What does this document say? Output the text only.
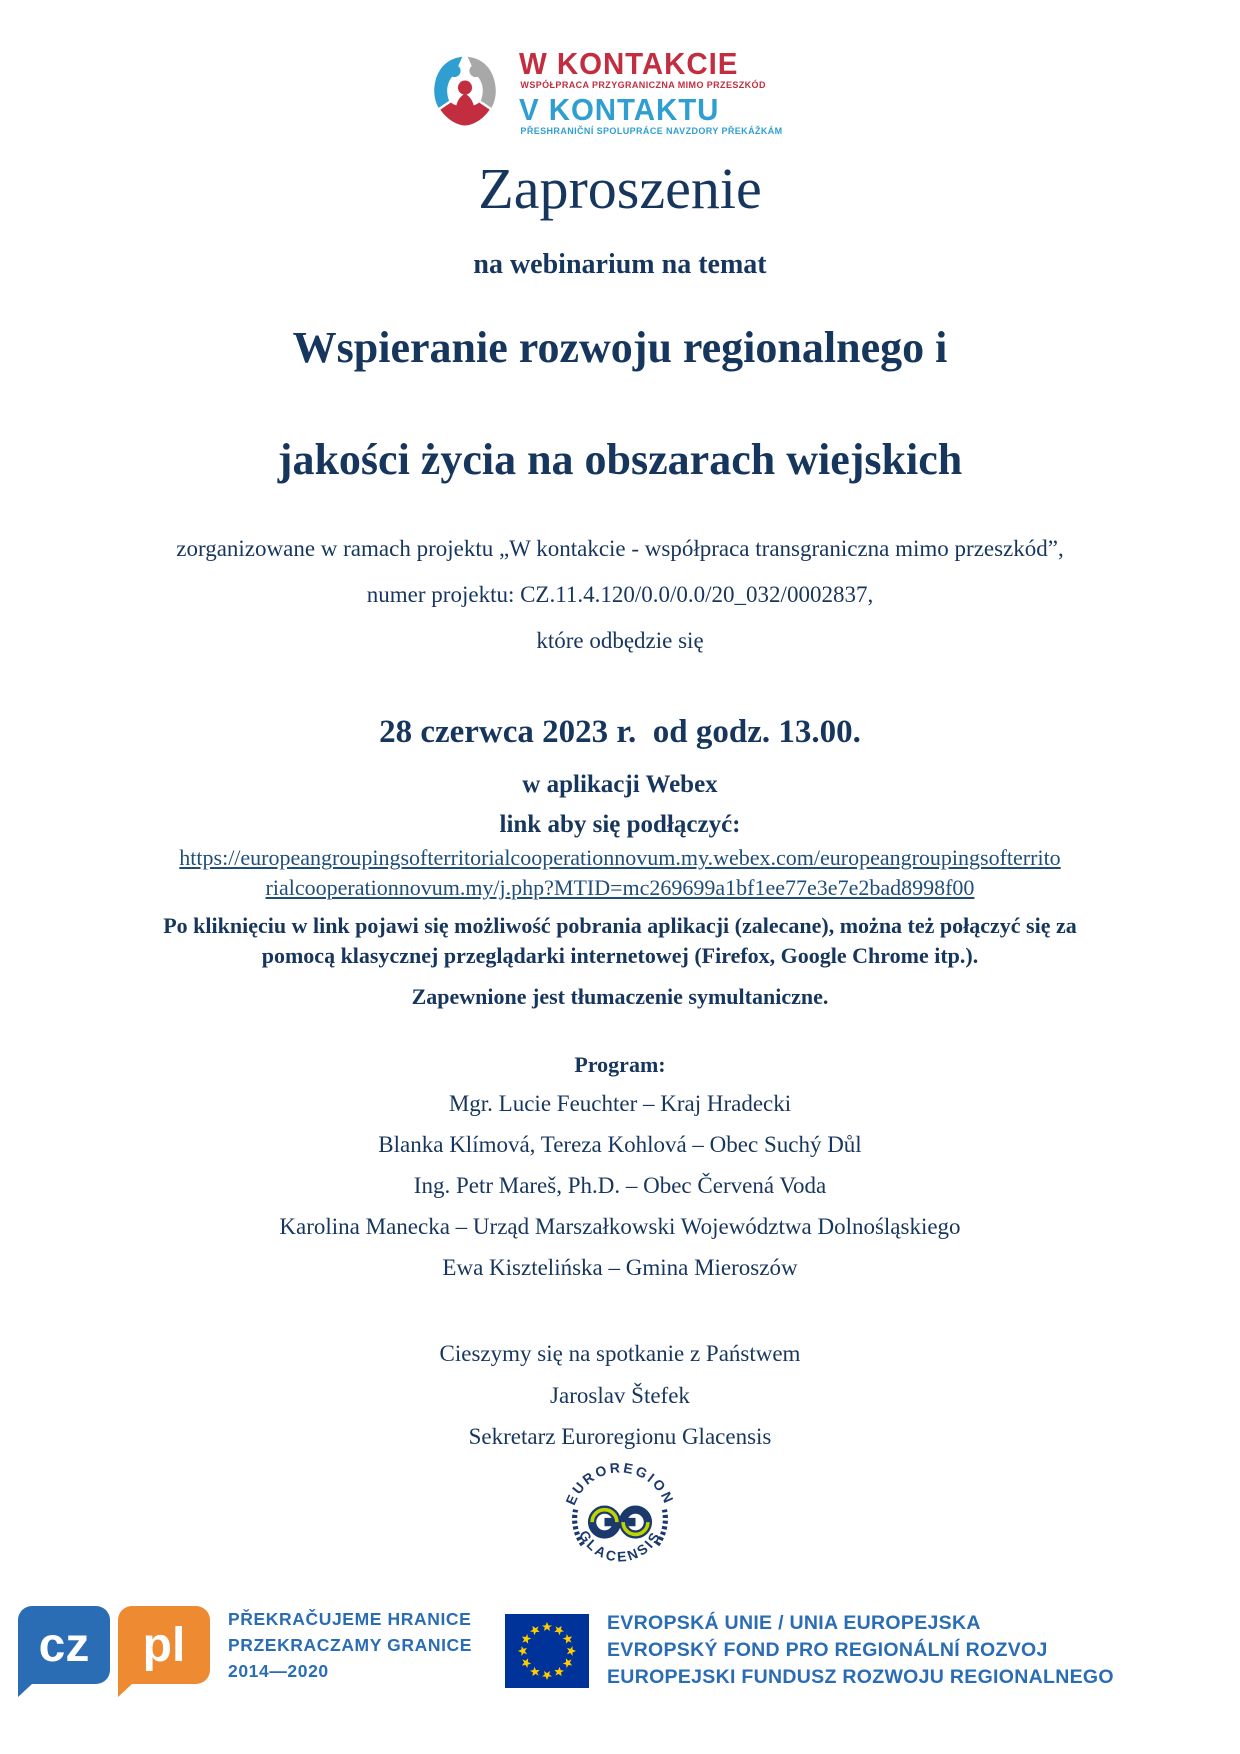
W KONTAKCIE
WSPÓŁPRACA PRZYGRANICZNA MIMO PRZESZKÓD
V KONTAKTU
PŘESHRANIČNÍ SPOLUPRÁCE NAVZDORY PŘEKÁŽKÁM
Zaproszenie
na webinarium na temat
Wspieranie rozwoju regionalnego i
jakości życia na obszarach wiejskich
zorganizowane w ramach projektu „W kontakcie - współpraca transgraniczna mimo przeszkód”,
numer projektu: CZ.11.4.120/0.0/0.0/20_032/0002837,
które odbędzie się
28 czerwca 2023 r.  od godz. 13.00.
w aplikacji Webex
link aby się podłączyć:
https://europeangroupingsofterritorialcooperationnovum.my.webex.com/europeangroupingsofterrito
rialcooperationnovum.my/j.php?MTID=mc269699a1bf1ee77e3e7e2bad8998f00
Po kliknięciu w link pojawi się możliwość pobrania aplikacji (zalecane), można też połączyć się za
pomocą klasycznej przeglądarki internetowej (Firefox, Google Chrome itp.).
Zapewnione jest tłumaczenie symultaniczne.
Program:
Mgr. Lucie Feuchter – Kraj Hradecki
Blanka Klímová, Tereza Kohlová – Obec Suchý Důl
Ing. Petr Mareš, Ph.D. – Obec Červená Voda
Karolina Manecka – Urząd Marszałkowski Województwa Dolnośląskiego
Ewa Kisztelińska – Gmina Mieroszów
Cieszymy się na spotkanie z Państwem
Jaroslav Štefek
Sekretarz Euroregionu Glacensis
EUROREGION
GLACENSIS
cz	pl	PŘEKRAČUJEME HRANICE
PRZEKRACZAMY GRANICE
2014—2020
EVROPSKÁ UNIE / UNIA EUROPEJSKA
EVROPSKÝ FOND PRO REGIONÁLNÍ ROZVOJ
EUROPEJSKI FUNDUSZ ROZWOJU REGIONALNEGO
